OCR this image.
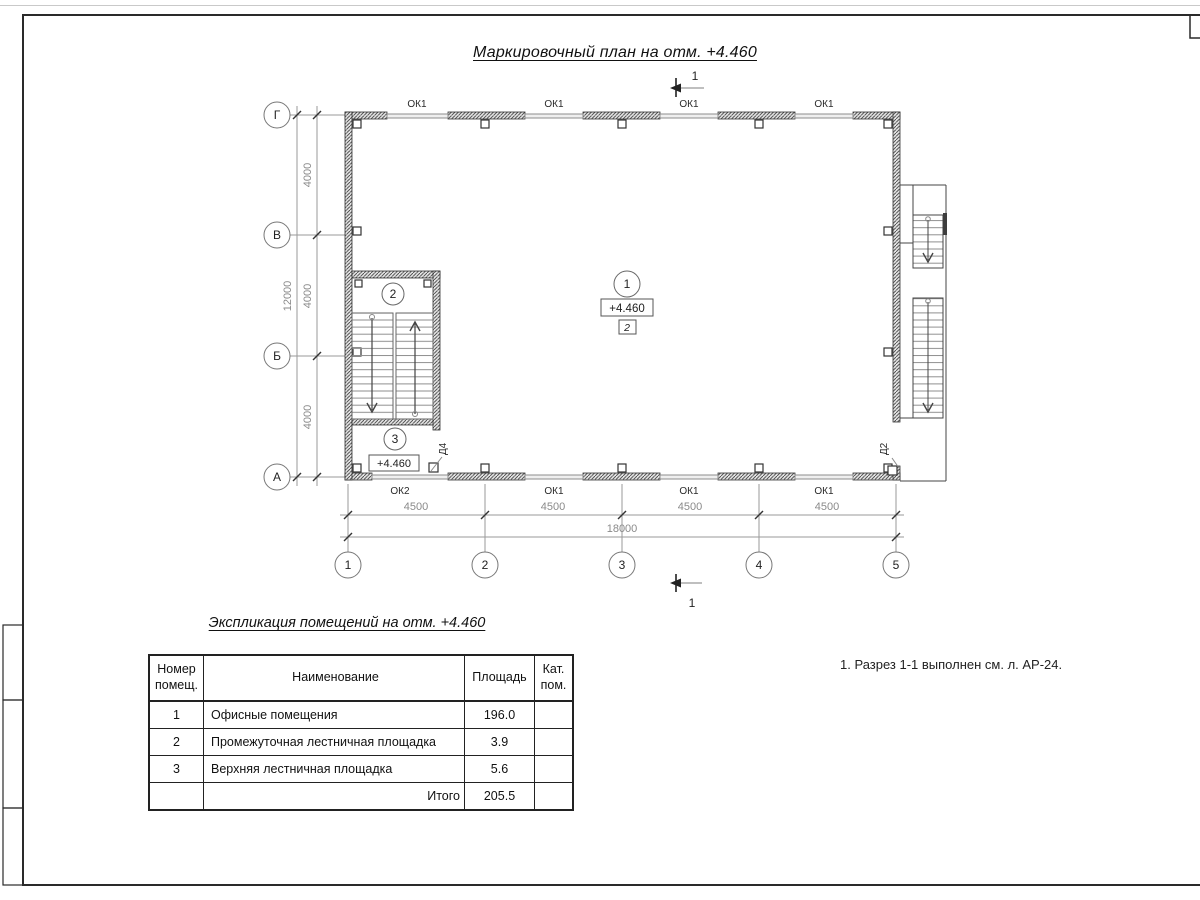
4500	4500	4500	4500
18000
4000
4000
4000
12000
Г
В
Б
А
1	2	3	4	5
ОК1	ОК1	ОК1	ОК1
ОК2	ОК1	ОК1	ОК1
Д4	Д2
1
1
1
+4.460
2
2
3
+4.460
Маркировочный план на отм. +4.460
Экспликация помещений на отм. +4.460
1. Разрез 1-1 выполнен см. л. АР-24.
Номер помещ.	Наименование	Площадь	Кат. пом.
1	Офисные помещения	196.0	
2	Промежуточная лестничная площадка	3.9	
3	Верхняя лестничная площадка	5.6	
	Итого	205.5	
